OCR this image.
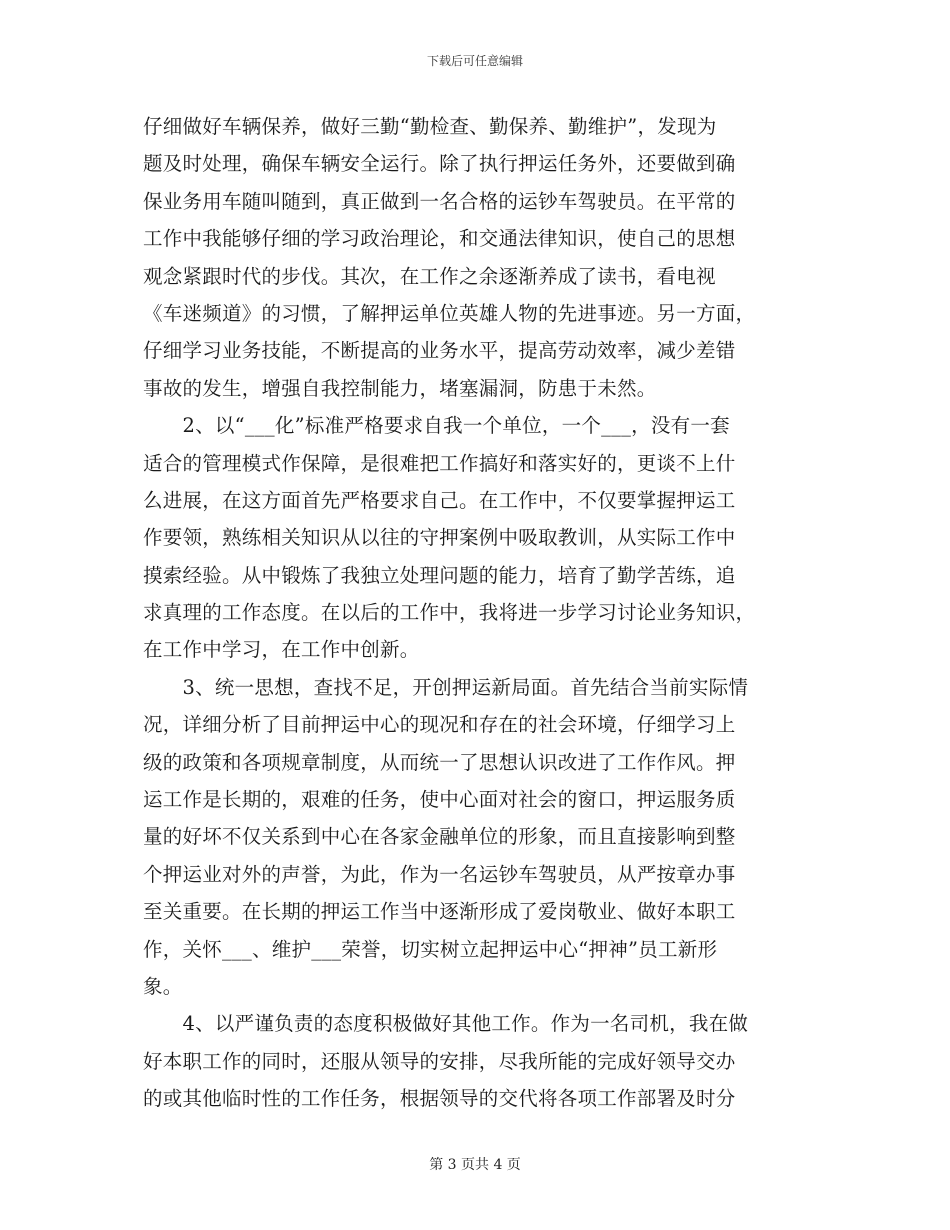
下载后可任意编辑
仔细做好车辆保养，做好三勤“勤检查、勤保养、勤维护”，发现为
题及时处理，确保车辆安全运行。除了执行押运任务外，还要做到确
保业务用车随叫随到，真正做到一名合格的运钞车驾驶员。在平常的
工作中我能够仔细的学习政治理论，和交通法律知识，使自己的思想
观念紧跟时代的步伐。其次，在工作之余逐渐养成了读书，看电视
《车迷频道》的习惯，了解押运单位英雄人物的先进事迹。另一方面，
仔细学习业务技能，不断提高的业务水平，提高劳动效率，减少差错
事故的发生，增强自我控制能力，堵塞漏洞，防患于未然。
　　2、以“___化”标准严格要求自我一个单位，一个___，没有一套
适合的管理模式作保障，是很难把工作搞好和落实好的，更谈不上什
么进展，在这方面首先严格要求自己。在工作中，不仅要掌握押运工
作要领，熟练相关知识从以往的守押案例中吸取教训，从实际工作中
摸索经验。从中锻炼了我独立处理问题的能力，培育了勤学苦练，追
求真理的工作态度。在以后的工作中，我将进一步学习讨论业务知识，
在工作中学习，在工作中创新。
　　3、统一思想，查找不足，开创押运新局面。首先结合当前实际情
况，详细分析了目前押运中心的现况和存在的社会环境，仔细学习上
级的政策和各项规章制度，从而统一了思想认识改进了工作作风。押
运工作是长期的，艰难的任务，使中心面对社会的窗口，押运服务质
量的好坏不仅关系到中心在各家金融单位的形象，而且直接影响到整
个押运业对外的声誉，为此，作为一名运钞车驾驶员，从严按章办事
至关重要。在长期的押运工作当中逐渐形成了爱岗敬业、做好本职工
作，关怀___、维护___荣誉，切实树立起押运中心“押神”员工新形
象。
　　4、以严谨负责的态度积极做好其他工作。作为一名司机，我在做
好本职工作的同时，还服从领导的安排，尽我所能的完成好领导交办
的或其他临时性的工作任务，根据领导的交代将各项工作部署及时分
第 3 页共 4 页
